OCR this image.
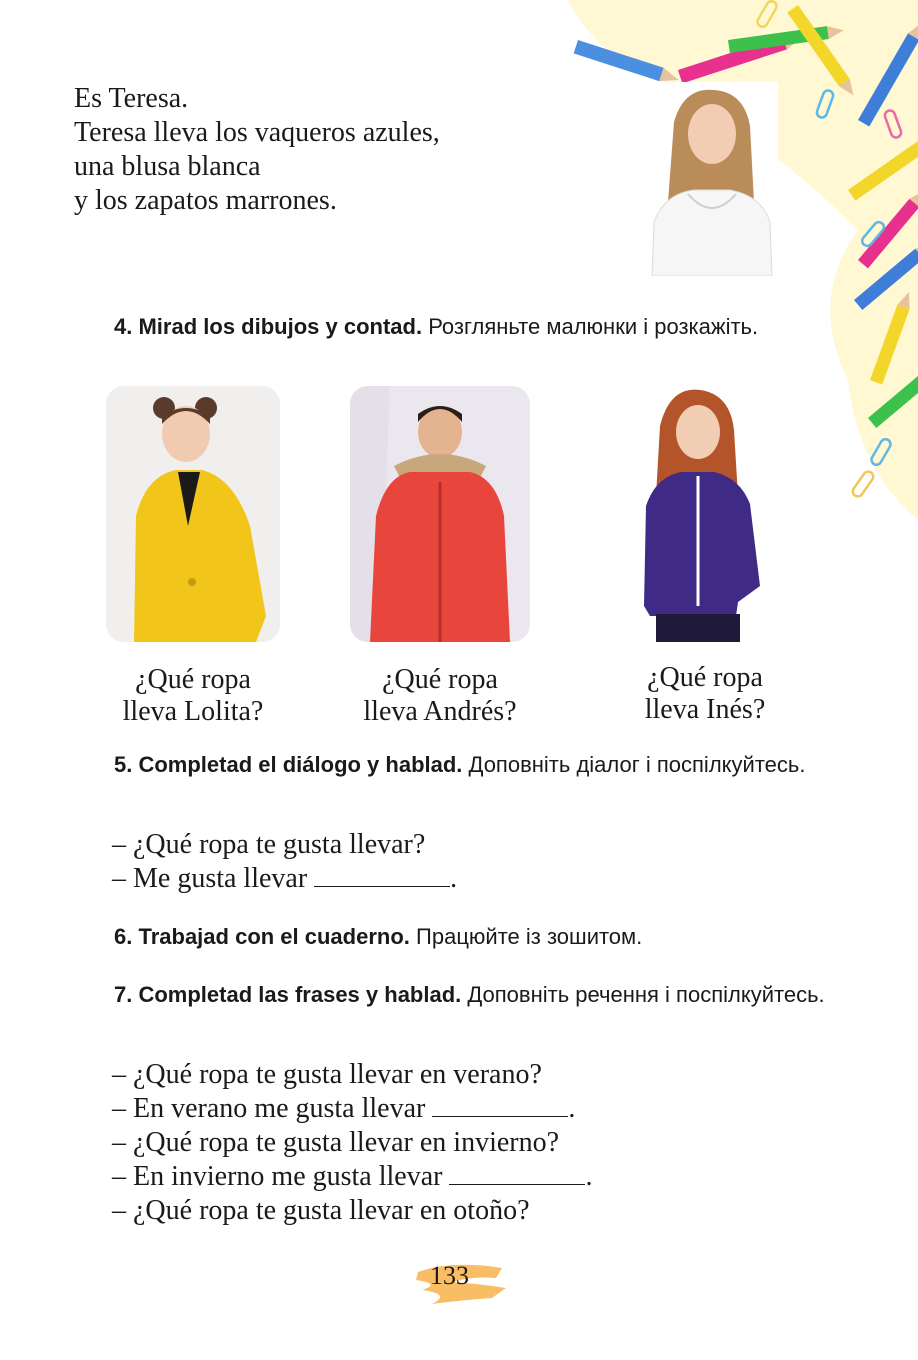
Es Teresa.
Teresa lleva los vaqueros azules,
una blusa blanca
y los zapatos marrones.
4. Mirad los dibujos y contad. Розгляньте малюнки і розкажіть.
¿Qué ropa
lleva Lolita?
¿Qué ropa
lleva Andrés?
¿Qué ropa
lleva Inés?
5. Completad el diálogo y hablad. Доповніть діалог і поспілкуйтесь.
– ¿Qué ropa te gusta llevar?
– Me gusta llevar	.
6. Trabajad con el cuaderno. Працюйте із зошитом.
7. Completad las frases y hablad. Доповніть речення і поспілкуйтесь.
– ¿Qué ropa te gusta llevar en verano?
– En verano me gusta llevar	.
– ¿Qué ropa te gusta llevar en invierno?
– En invierno me gusta llevar	.
– ¿Qué ropa te gusta llevar en otoño?
133
